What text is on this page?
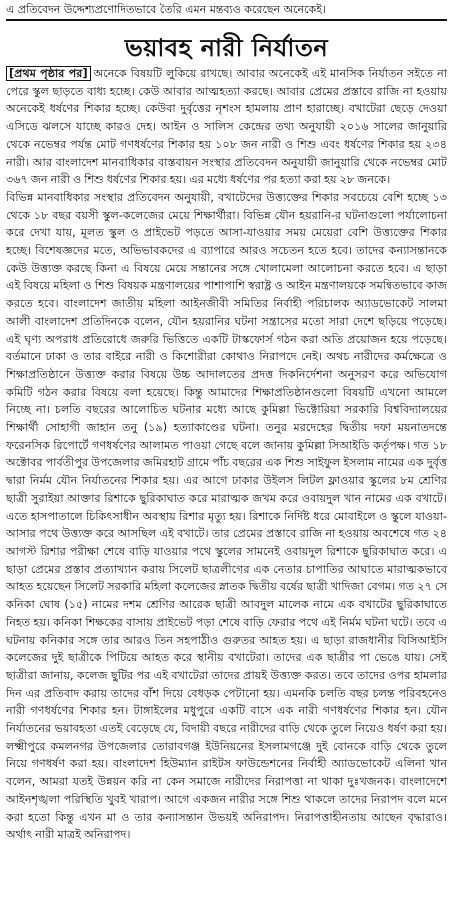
এ প্রতিবেদন উদ্দেশ্যপ্রণোদিতভাবে তৈরি এমন মন্তব্যও করেছেন অনেকেই।
ভয়াবহ নারী নির্যাতন

[প্রথম পৃষ্ঠার পর] অনেকে বিষয়টি লুকিয়ে রাখছে। আবার অনেকেই এই মানসিক নির্যাতন সইতে না পেরে স্কুল ছাড়তে বাধ্য হচ্ছে। কেউ আবার আত্মহত্যা করছে। আবার প্রেমের প্রস্তাবে রাজি না হওয়ায় অনেকেই ধর্ষণের শিকার হচ্ছে। কেউবা দুর্বৃত্তের নৃশংস হামলায় প্রাণ হারাচ্ছে। বখাটেরা ছেড়ে দেওয়া এসিডে ঝলসে যাচ্ছে কারও দেহ। আইন ও সালিস কেন্দ্রের তথ্য অনুযায়ী ২০১৬ সালের জানুয়ারি থেকে নভেম্বর পর্যন্ত মোট গণধর্ষণের শিকার হয় ১০৮ জন নারী ও শিশু এবং ধর্ষণের শিকার হয় ২৩৪ নারী। আর বাংলাদেশ মানবাধিকার বাস্তবায়ন সংস্থার প্রতিবেদন অনুযায়ী জানুয়ারি থেকে নভেম্বর মোট ৩৬৭ জন নারী ও শিশু ধর্ষণের শিকার হয়। এর মধ্যে ধর্ষণের পর হত্যা করা হয় ২৮ জনকে।

বিভিন্ন মানবাধিকার সংস্থার প্রতিবেদন অনুযায়ী, বখাটেদের উত্ত্যক্তের শিকার সবচেয়ে বেশি হচ্ছে ১৩ থেকে ১৮ বছর বয়সী স্কুল-কলেজের মেয়ে শিক্ষার্থীরা। বিভিন্ন যৌন হয়রানি-র ঘটনাগুলো পর্যালোচনা করে দেখা যায়, মূলত স্কুল ও প্রাইভেট পড়তে আসা-যাওয়ার সময় মেয়েরা বেশি উত্ত্যক্তের শিকার হচ্ছে। বিশেষজ্ঞদের মতে, অভিভাবকদের এ ব্যাপারে আরও সচেতন হতে হবে। তাদের কন্যাসন্তানকে কেউ উত্ত্যক্ত করছে কিনা এ বিষয়ে মেয়ে সন্তানের সঙ্গে খোলামেলা আলোচনা করতে হবে। এ ছাড়া এই বিষয়ে মহিলা ও শিশু বিষয়ক মন্ত্রণালয়ের পাশাপাশি স্বরাষ্ট্র ও আইন মন্ত্রণালয়কে সমন্বিতভাবে কাজ করতে হবে। বাংলাদেশ জাতীয় মহিলা আইনজীবী সমিতির নির্বাহী পরিচালক অ্যাডভোকেট সালমা আলী বাংলাদেশ প্রতিদিনকে বলেন, যৌন হয়রানির ঘটনা সন্ত্রাসের মতো সারা দেশে ছড়িয়ে পড়েছে। এই ঘৃণ্য অপরাধ প্রতিরোধে জরুরি ভিত্তিতে একটি টাস্কফোর্স গঠন করা অতি প্রয়োজন হয়ে পড়েছে। বর্তমানে ঢাকা ও তার বাইরে নারী ও কিশোরীরা কোথাও নিরাপদে নেই। অথচ নারীদের কর্মক্ষেত্রে ও শিক্ষাপ্রতিষ্ঠানে উত্ত্যক্ত করার বিষয়ে উচ্চ আদালতের প্রদত্ত দিকনির্দেশনা অনুসরণ করে অভিযোগ কমিটি গঠন করার বিষয়ে বলা হয়েছে। কিন্তু আমাদের শিক্ষাপ্রতিষ্ঠানগুলো বিষয়টি এখনো আমলে নিচ্ছে না। চলতি বছরের আলোচিত ঘটনার মধ্যে আছে কুমিল্লা ভিক্টোরিয়া সরকারি বিশ্ববিদ্যালয়ের শিক্ষার্থী সোহাগী জাহান তনু (১৯) হত্যাকাণ্ডের ঘটনা। তনুর মরদেহের দ্বিতীয় দফা ময়নাতদন্তে ফরেনসিক রিপোর্টে গণধর্ষণের আলামত পাওয়া গেছে বলে জানায় কুমিল্লা সিআইডি কর্তৃপক্ষ। গত ১৮ অক্টোবর পার্বতীপুর উপজেলার জমিরহাট গ্রামে পাঁচ বছরের এক শিশু সাইফুল ইসলাম নামের এক দুর্বৃত্ত দ্বারা নির্মম যৌন নির্যাতনের শিকার হয়। এর আগে ঢাকার উইলস লিটল ফ্লাওয়ার স্কুলের ৮ম শ্রেণির ছাত্রী সুরাইয়া আক্তার রিশাকে ছুরিকাঘাত করে মারাত্মক জখম করে ওবায়দুল খান নামের এক বখাটে। এতে হাসপাতালে চিকিৎসাধীন অবস্থায় রিশার মৃত্যু হয়। রিশাকে নির্দিষ্ট ধরে মোবাইলে ও স্কুলে যাওয়া-আসার পথে উত্ত্যক্ত করে আসছিল এই বখাটে। তার প্রেমের প্রস্তাবে রাজি না হওয়ায় অবশেষে গত ২৪ আগস্ট রিশার পরীক্ষা শেষে বাড়ি যাওয়ার পথে স্কুলের সামনেই ওবায়দুল রিশাকে ছুরিকাঘাত করে। এ ছাড়া প্রেমের প্রস্তাব প্রত্যাখ্যান করায় সিলেট ছাত্রলীগের এক নেতার চাপাতির আঘাতে মারাত্মকভাবে আহত হয়েছেন সিলেট সরকারি মহিলা কলেজের স্নাতক দ্বিতীয় বর্ষের ছাত্রী খাদিজা বেগম। গত ২৭ সে কনিকা ঘোষ (১৫) নামের দশম শ্রেণির আরেক ছাত্রী আবদুল মালেক নামে এক বখাটের ছুরিকাঘাতে নিহত হয়। কনিকা শিক্ষকের বাসায় প্রাইভেট পড়া শেষে বাড়ি ফেরার পথে এই নির্মম ঘটনা ঘটে। তবে এ ঘটনায় কনিকার সঙ্গে তার আরও তিন সহপাঠীও গুরুতর আহত হয়। এ ছাড়া রাজধানীর বিসিআইসি কলেজের দুই ছাত্রীকে পিটিয়ে আহত করে স্থানীয় বখাটেরা। তাদের এক ছাত্রীর পা ভেঙে যায়। সেই ছাত্রীরা জানায়, কলেজ ছুটির পর এই বখাটেরা তাদের প্রায়ই উত্ত্যক্ত করত। তবে তাদের ওপর হামলার দিন এর প্রতিবাদ করায় তাদের বাঁশ দিয়ে বেধড়ক পেটানো হয়। এমনকি চলতি বছর চলন্ত পরিবহনেও নারী গণধর্ষণের শিকার হন। টাঙ্গাইলের মধুপুরে একটি বাসে এক নারী গণধর্ষণের শিকার হন। যৌন নির্যাতনের ভয়াবহতা এতই বেড়েছে যে, বিদায়ী বছরে নারীদের বাড়ি থেকে তুলে নিয়েও ধর্ষণ করা হয়। লক্ষ্মীপুরে কমলনগর উপজেলার তোরাবগঞ্জ ইউনিয়নের ইসলামগঞ্জে দুই বোনকে বাড়ি থেকে তুলে নিয়ে গণধর্ষণ করা হয়। বাংলাদেশ হিউম্যান রাইটস ফাউন্ডেশনের নির্বাহী অ্যাডভোকেট এলিনা খান বলেন, আমরা যতই উন্নয়ন করি না কেন সমাজে নারীদের নিরাপত্তা না থাকা দুঃখজনক। বাংলাদেশে আইনশৃঙ্খলা পরিস্থিতি খুবই খারাপ। আগে একজন নারীর সঙ্গে শিশু থাকলে তাদের নিরাপদ বলে মনে করা হতো কিন্তু এখন মা ও তার কন্যাসন্তান উভয়ই অনিরাপদ। নিরাপত্তাহীনতায় আছেন বৃদ্ধারাও। অর্থাৎ নারী মাত্রই অনিরাপদ।
